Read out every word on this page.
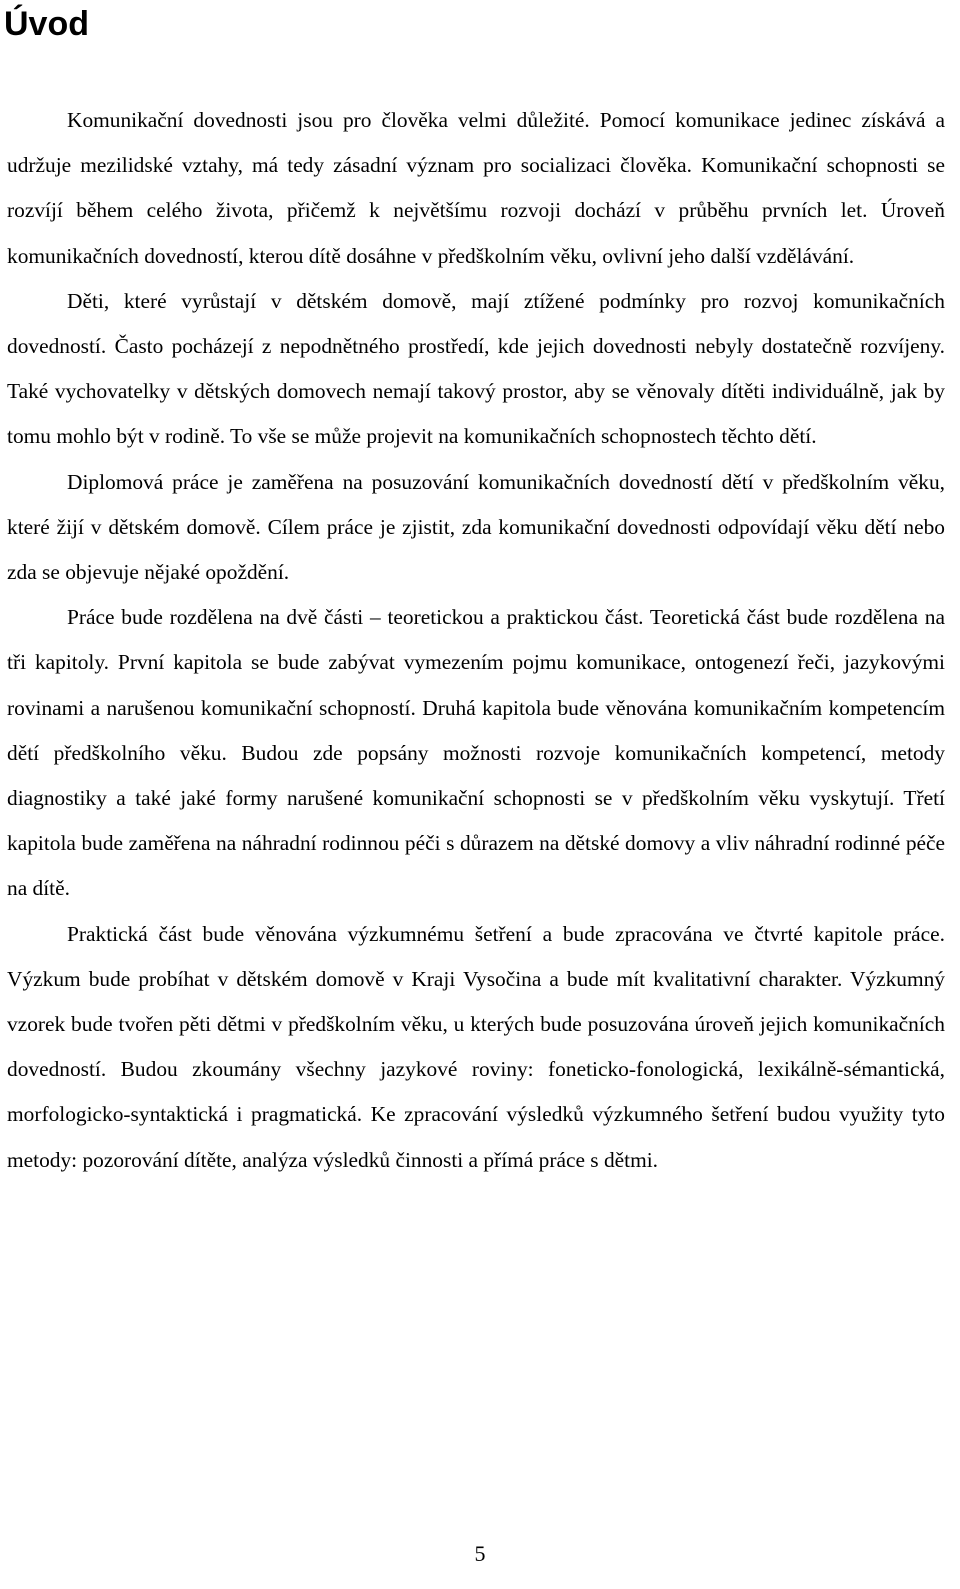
Úvod

Komunikační dovednosti jsou pro člověka velmi důležité. Pomocí komunikace jedinec získává a udržuje mezilidské vztahy, má tedy zásadní význam pro socializaci člověka. Komunikační schopnosti se rozvíjí během celého života, přičemž k největšímu rozvoji dochází v průběhu prvních let. Úroveň komunikačních dovedností, kterou dítě dosáhne v předškolním věku, ovlivní jeho další vzdělávání.

Děti, které vyrůstají v dětském domově, mají ztížené podmínky pro rozvoj komunikačních dovedností. Často pocházejí z nepodnětného prostředí, kde jejich dovednosti nebyly dostatečně rozvíjeny. Také vychovatelky v dětských domovech nemají takový prostor, aby se věnovaly dítěti individuálně, jak by tomu mohlo být v rodině. To vše se může projevit na komunikačních schopnostech těchto dětí.

Diplomová práce je zaměřena na posuzování komunikačních dovedností dětí v předškolním věku, které žijí v dětském domově. Cílem práce je zjistit, zda komunikační dovednosti odpovídají věku dětí nebo zda se objevuje nějaké opoždění.

Práce bude rozdělena na dvě části – teoretickou a praktickou část. Teoretická část bude rozdělena na tři kapitoly. První kapitola se bude zabývat vymezením pojmu komunikace, ontogenezí řeči, jazykovými rovinami a narušenou komunikační schopností. Druhá kapitola bude věnována komunikačním kompetencím dětí předškolního věku. Budou zde popsány možnosti rozvoje komunikačních kompetencí, metody diagnostiky a také jaké formy narušené komunikační schopnosti se v předškolním věku vyskytují. Třetí kapitola bude zaměřena na náhradní rodinnou péči s důrazem na dětské domovy a vliv náhradní rodinné péče na dítě.

Praktická část bude věnována výzkumnému šetření a bude zpracována ve čtvrté kapitole práce. Výzkum bude probíhat v dětském domově v Kraji Vysočina a bude mít kvalitativní charakter. Výzkumný vzorek bude tvořen pěti dětmi v předškolním věku, u kterých bude posuzována úroveň jejich komunikačních dovedností. Budou zkoumány všechny jazykové roviny: foneticko-fonologická, lexikálně-sémantická, morfologicko-syntaktická i pragmatická. Ke zpracování výsledků výzkumného šetření budou využity tyto metody: pozorování dítěte, analýza výsledků činnosti a přímá práce s dětmi.

5
